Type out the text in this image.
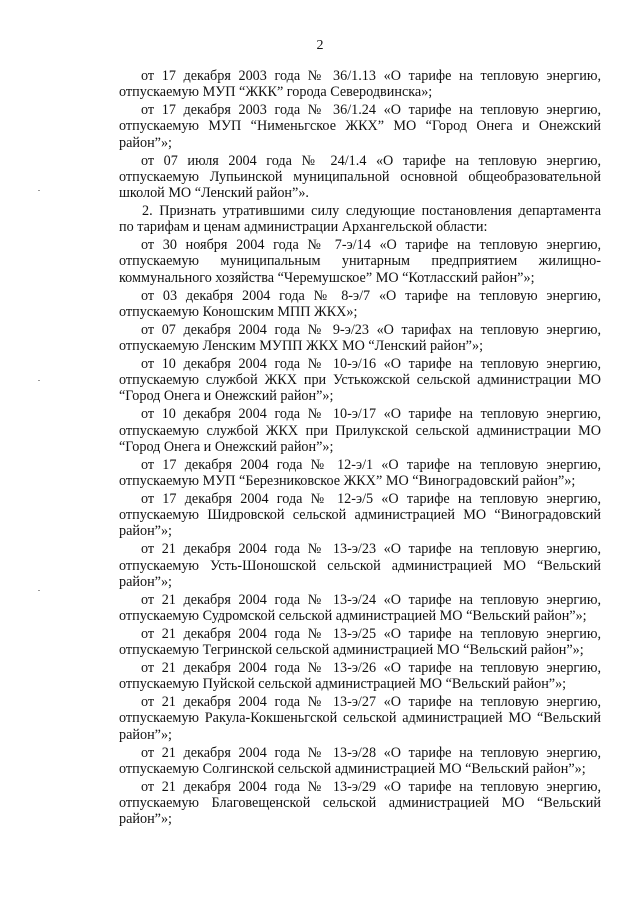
2

от 17 декабря 2003 года № 36/1.13 «О тарифе на тепловую энергию, отпускаемую МУП “ЖКК” города Северодвинска»;

от 17 декабря 2003 года № 36/1.24 «О тарифе на тепловую энергию, отпускаемую МУП “Нименьгское ЖКХ” МО “Город Онега и Онежский район”»;

от 07 июля 2004 года № 24/1.4 «О тарифе на тепловую энергию, отпускаемую Лупьинской муниципальной основной общеобразовательной школой МО “Ленский район”».

2. Признать утратившими силу следующие постановления департамента по тарифам и ценам администрации Архангельской области:

от 30 ноября 2004 года № 7-э/14 «О тарифе на тепловую энергию, отпускаемую муниципальным унитарным предприятием жилищно-коммунального хозяйства “Черемушское” МО “Котласский район”»;

от 03 декабря 2004 года № 8-э/7 «О тарифе на тепловую энергию, отпускаемую Коношским МПП ЖКХ»;

от 07 декабря 2004 года № 9-э/23 «О тарифах на тепловую энергию, отпускаемую Ленским МУПП ЖКХ МО “Ленский район”»;

от 10 декабря 2004 года № 10-э/16 «О тарифе на тепловую энергию, отпускаемую службой ЖКХ при Устькожской сельской администрации МО “Город Онега и Онежский район”»;

от 10 декабря 2004 года № 10-э/17 «О тарифе на тепловую энергию, отпускаемую службой ЖКХ при Прилукской сельской администрации МО “Город Онега и Онежский район”»;

от 17 декабря 2004 года № 12-э/1 «О тарифе на тепловую энергию, отпускаемую МУП “Березниковское ЖКХ” МО “Виноградовский район”»;

от 17 декабря 2004 года № 12-э/5 «О тарифе на тепловую энергию, отпускаемую Шидровской сельской администрацией МО “Виноградовский район”»;

от 21 декабря 2004 года № 13-э/23 «О тарифе на тепловую энергию, отпускаемую Усть-Шоношской сельской администрацией МО “Вельский район”»;

от 21 декабря 2004 года № 13-э/24 «О тарифе на тепловую энергию, отпускаемую Судромской сельской администрацией МО “Вельский район”»;

от 21 декабря 2004 года № 13-э/25 «О тарифе на тепловую энергию, отпускаемую Тегринской сельской администрацией МО “Вельский район”»;

от 21 декабря 2004 года № 13-э/26 «О тарифе на тепловую энергию, отпускаемую Пуйской сельской администрацией МО “Вельский район”»;

от 21 декабря 2004 года № 13-э/27 «О тарифе на тепловую энергию, отпускаемую Ракула-Кокшеньгской сельской администрацией МО “Вельский район”»;

от 21 декабря 2004 года № 13-э/28 «О тарифе на тепловую энергию, отпускаемую Солгинской сельской администрацией МО “Вельский район”»;

от 21 декабря 2004 года № 13-э/29 «О тарифе на тепловую энергию, отпускаемую Благовещенской сельской администрацией МО “Вельский район”»;
